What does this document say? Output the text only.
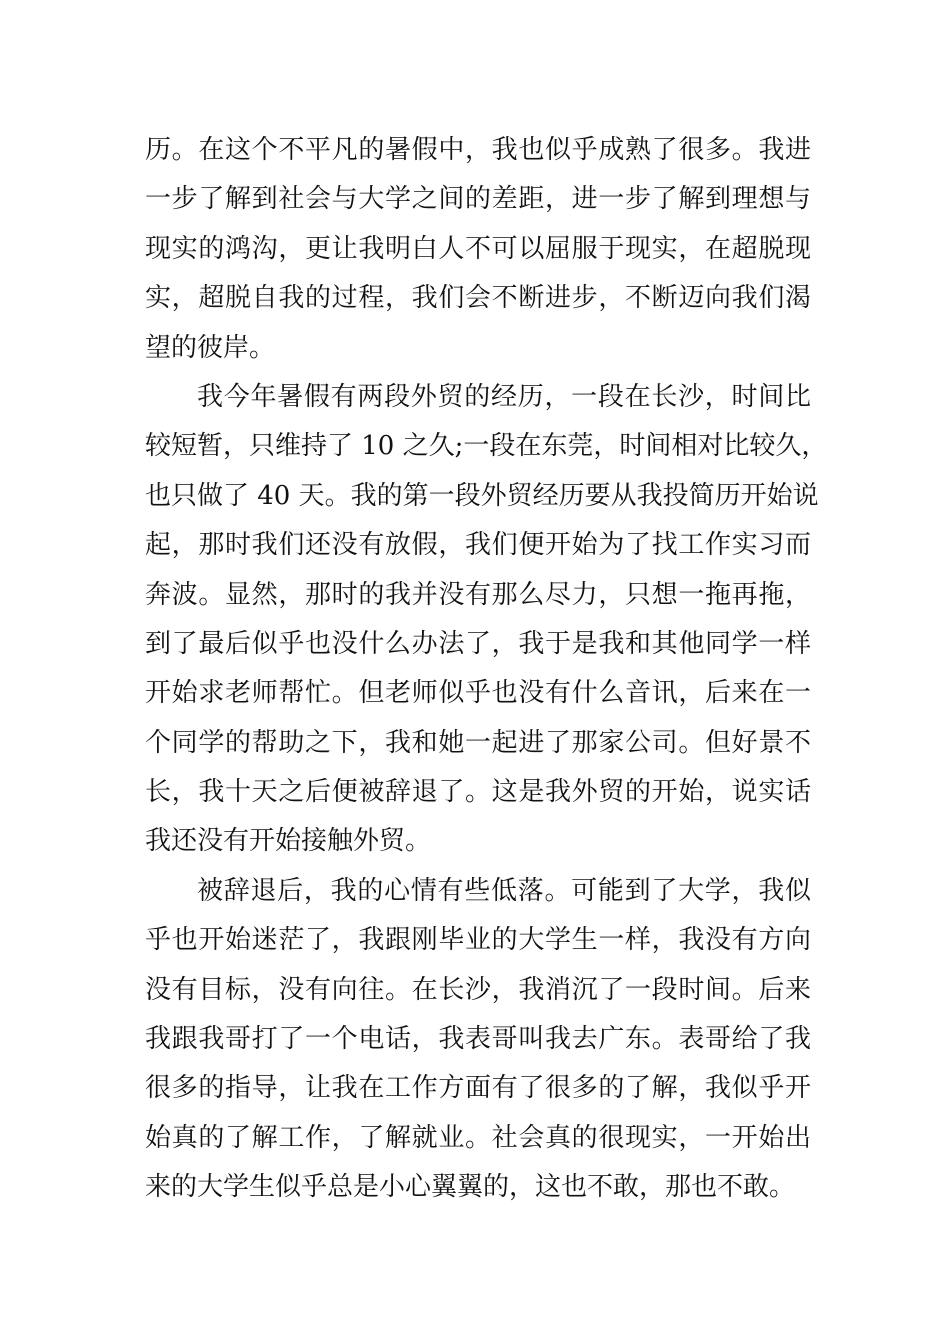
历。在这个不平凡的暑假中，我也似乎成熟了很多。我进
一步了解到社会与大学之间的差距，进一步了解到理想与
现实的鸿沟，更让我明白人不可以屈服于现实，在超脱现
实，超脱自我的过程，我们会不断进步，不断迈向我们渴
望的彼岸。
我今年暑假有两段外贸的经历，一段在长沙，时间比
较短暂，只维持了 10 之久;一段在东莞，时间相对比较久，
也只做了 40 天。我的第一段外贸经历要从我投简历开始说
起，那时我们还没有放假，我们便开始为了找工作实习而
奔波。显然，那时的我并没有那么尽力，只想一拖再拖，
到了最后似乎也没什么办法了，我于是我和其他同学一样
开始求老师帮忙。但老师似乎也没有什么音讯，后来在一
个同学的帮助之下，我和她一起进了那家公司。但好景不
长，我十天之后便被辞退了。这是我外贸的开始，说实话
我还没有开始接触外贸。
被辞退后，我的心情有些低落。可能到了大学，我似
乎也开始迷茫了，我跟刚毕业的大学生一样，我没有方向
没有目标，没有向往。在长沙，我消沉了一段时间。后来
我跟我哥打了一个电话，我表哥叫我去广东。表哥给了我
很多的指导，让我在工作方面有了很多的了解，我似乎开
始真的了解工作，了解就业。社会真的很现实，一开始出
来的大学生似乎总是小心翼翼的，这也不敢，那也不敢。
